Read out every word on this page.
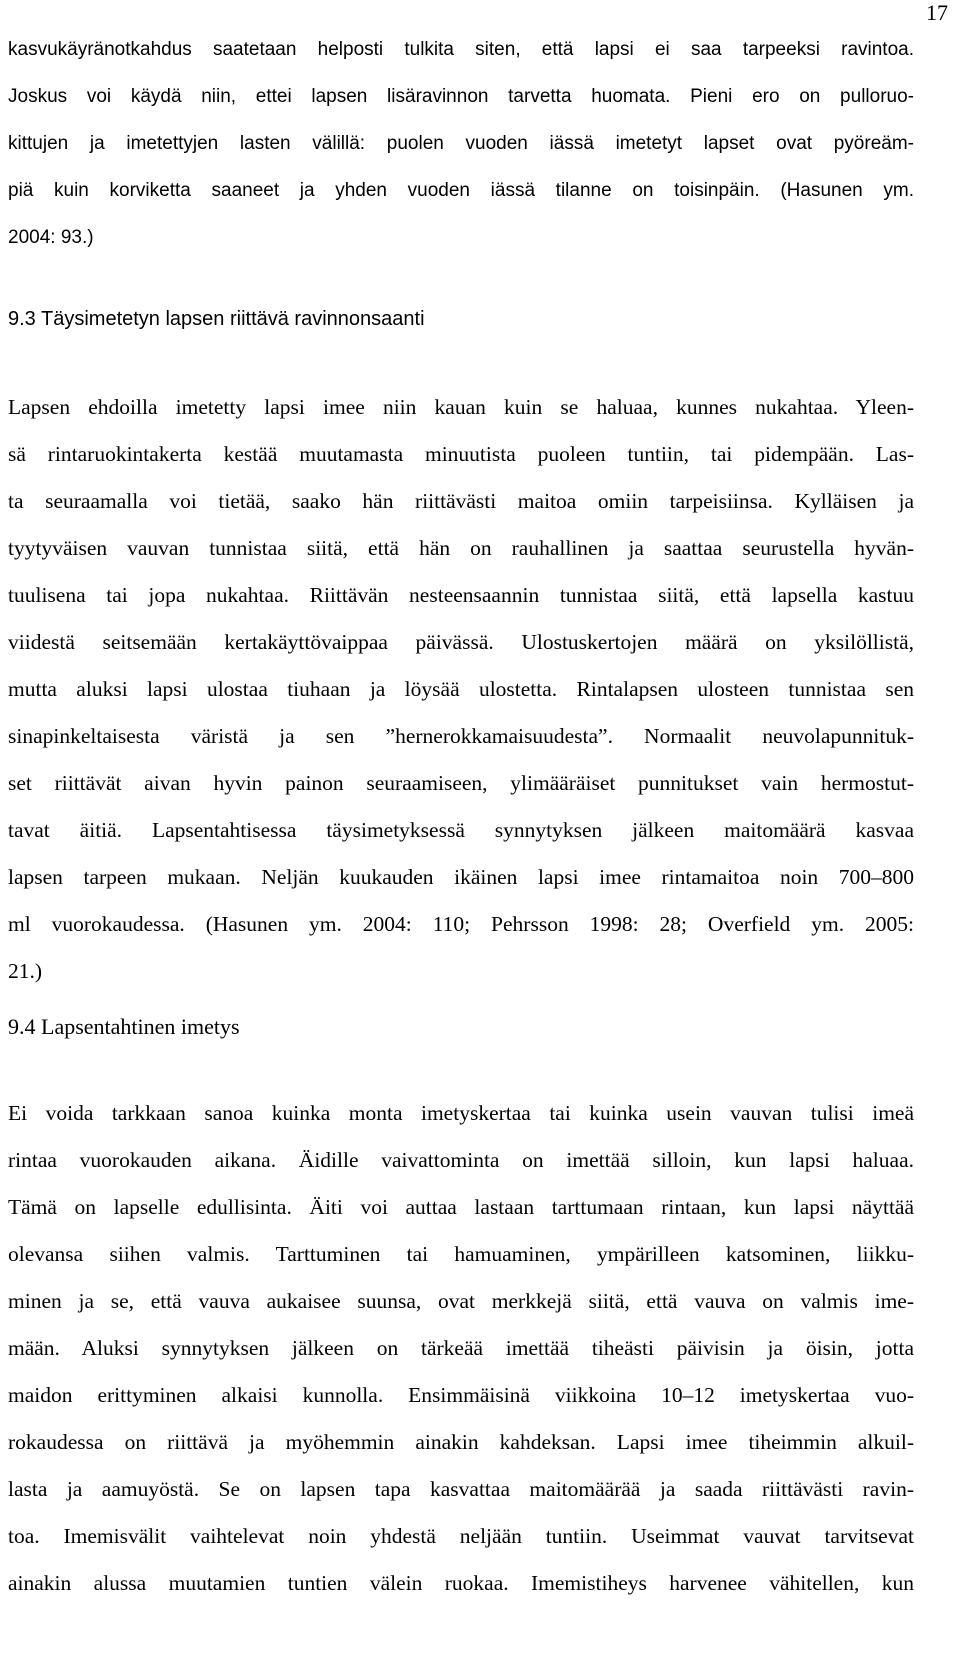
17
kasvukäyränotkahdus saatetaan helposti tulkita siten, että lapsi ei saa tarpeeksi ravintoa.
Joskus voi käydä niin, ettei lapsen lisäravinnon tarvetta huomata. Pieni ero on pulloruo-
kittujen ja imetettyjen lasten välillä: puolen vuoden iässä imetetyt lapset ovat pyöreäm-
piä kuin korviketta saaneet ja yhden vuoden iässä tilanne on toisinpäin. (Hasunen ym.
2004: 93.)
9.3 Täysimetetyn lapsen riittävä ravinnonsaanti
Lapsen ehdoilla imetetty lapsi imee niin kauan kuin se haluaa, kunnes nukahtaa. Yleen-
sä rintaruokintakerta kestää muutamasta minuutista puoleen tuntiin, tai pidempään. Las-
ta seuraamalla voi tietää, saako hän riittävästi maitoa omiin tarpeisiinsa. Kylläisen ja
tyytyväisen vauvan tunnistaa siitä, että hän on rauhallinen ja saattaa seurustella hyvän-
tuulisena tai jopa nukahtaa. Riittävän nesteensaannin tunnistaa siitä, että lapsella kastuu
viidestä seitsemään kertakäyttövaippaa päivässä. Ulostuskertojen määrä on yksilöllistä,
mutta aluksi lapsi ulostaa tiuhaan ja löysää ulostetta. Rintalapsen ulosteen tunnistaa sen
sinapinkeltaisesta väristä ja sen ”hernerokkamaisuudesta”. Normaalit neuvolapunnituk-
set riittävät aivan hyvin painon seuraamiseen, ylimääräiset punnitukset vain hermostut-
tavat äitiä. Lapsentahtisessa täysimetyksessä synnytyksen jälkeen maitomäärä kasvaa
lapsen tarpeen mukaan. Neljän kuukauden ikäinen lapsi imee rintamaitoa noin 700–800
ml vuorokaudessa. (Hasunen ym. 2004: 110; Pehrsson 1998: 28; Overfield ym. 2005:
21.)
9.4 Lapsentahtinen imetys
Ei voida tarkkaan sanoa kuinka monta imetyskertaa tai kuinka usein vauvan tulisi imeä
rintaa vuorokauden aikana. Äidille vaivattominta on imettää silloin, kun lapsi haluaa.
Tämä on lapselle edullisinta. Äiti voi auttaa lastaan tarttumaan rintaan, kun lapsi näyttää
olevansa siihen valmis. Tarttuminen tai hamuaminen, ympärilleen katsominen, liikku-
minen ja se, että vauva aukaisee suunsa, ovat merkkejä siitä, että vauva on valmis ime-
mään. Aluksi synnytyksen jälkeen on tärkeää imettää tiheästi päivisin ja öisin, jotta
maidon erittyminen alkaisi kunnolla. Ensimmäisinä viikkoina 10–12 imetyskertaa vuo-
rokaudessa on riittävä ja myöhemmin ainakin kahdeksan. Lapsi imee tiheimmin alkuil-
lasta ja aamuyöstä. Se on lapsen tapa kasvattaa maitomäärää ja saada riittävästi ravin-
toa. Imemisvälit vaihtelevat noin yhdestä neljään tuntiin. Useimmat vauvat tarvitsevat
ainakin alussa muutamien tuntien välein ruokaa. Imemistiheys harvenee vähitellen, kun
